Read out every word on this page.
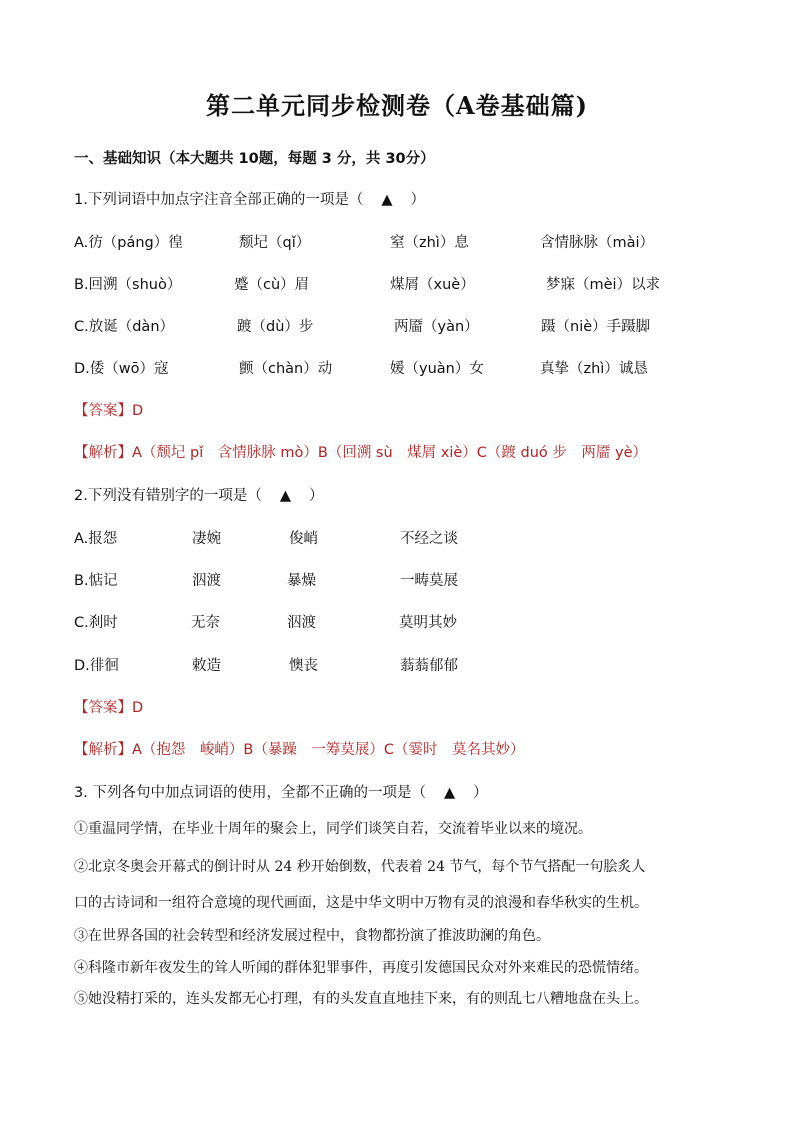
第二单元同步检测卷（A卷基础篇)
一、基础知识（本大题共 10题，每题 3 分，共 30分）
1.下列词语中加点字注音全部正确的一项是（ ▲ ）
A.彷（páng）徨	颓圮（qǐ）	窒（zhì）息	含情脉脉（mài）
B.回溯（shuò）	蹙（cù）眉	煤屑（xuè）	梦寐（mèi）以求
C.放诞（dàn）	踱（dù）步	两靥（yàn）	蹑（niè）手蹑脚
D.倭（wō）寇	颤（chàn）动	媛（yuàn）女	真挚（zhì）诚恳
【答案】D
【解析】A（颓圮 pǐ　含情脉脉 mò）B（回溯 sù　煤屑 xiè）C（踱 duó 步　两靥 yè）
2.下列没有错别字的一项是（ ▲ ）
A.报怨	凄婉	俊峭	不经之谈
B.惦记	泅渡	暴燥	一畴莫展
C.刹时	无奈	泅渡	莫明其妙
D.徘徊	敕造	懊丧	蓊蓊郁郁
【答案】D
【解析】A（抱怨　峻峭）B（暴躁　一筹莫展）C（霎时　莫名其妙）
3. 下列各句中加点词语的使用，全都不正确的一项是（ ▲ ）
①重温同学情，在毕业十周年的聚会上，同学们谈笑自若，交流着毕业以来的境况。
②北京冬奥会开幕式的倒计时从 24 秒开始倒数，代表着 24 节气，每个节气搭配一句脍炙人
口的古诗词和一组符合意境的现代画面，这是中华文明中万物有灵的浪漫和春华秋实的生机。
③在世界各国的社会转型和经济发展过程中，食物都扮演了推波助澜的角色。
④科隆市新年夜发生的耸人听闻的群体犯罪事件，再度引发德国民众对外来难民的恐慌情绪。
⑤她没精打采的，连头发都无心打理，有的头发直直地挂下来，有的则乱七八糟地盘在头上。
